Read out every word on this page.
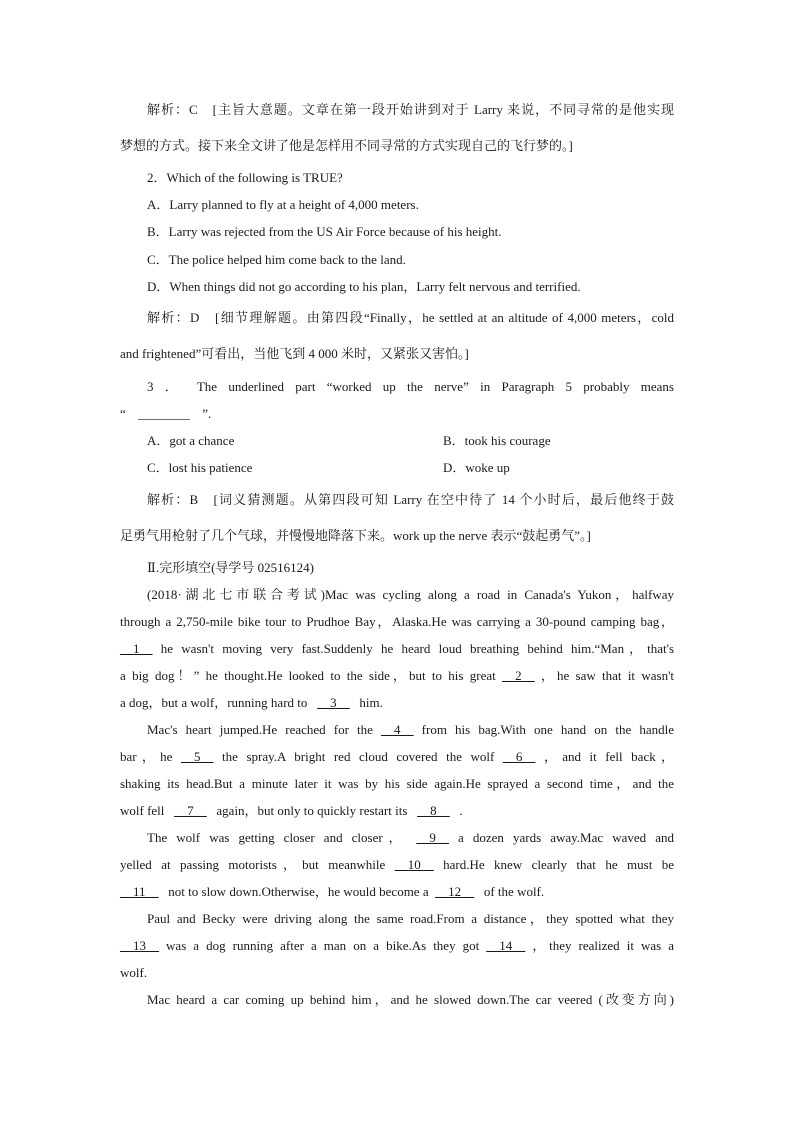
解析：C　[主旨大意题。文章在第一段开始讲到对于 Larry 来说，不同寻常的是他实现
梦想的方式。接下来全文讲了他是怎样用不同寻常的方式实现自己的飞行梦的。]
2．Which of the following is TRUE?
A．Larry planned to fly at a height of 4,000 meters.
B．Larry was rejected from the US Air Force because of his height.
C．The police helped him come back to the land.
D．When things did not go according to his plan，Larry felt nervous and terrified.
解析：D　[细节理解题。由第四段“Finally，he settled at an altitude of 4,000 meters，cold
and frightened”可看出，当他飞到 4 000 米时，又紧张又害怕。]
3 ． The underlined part “worked up the nerve” in Paragraph 5 probably means
“ ________ ”.
A．got a chance	B．took his courage
C．lost his patience	D．woke up
解析：B　[词义猜测题。从第四段可知 Larry 在空中待了 14 个小时后，最后他终于鼓
足勇气用枪射了几个气球，并慢慢地降落下来。work up the nerve 表示“鼓起勇气”。]
Ⅱ.完形填空(导学号 02516124)
(2018·湖北七市联合考试)Mac was cycling along a road in Canada's Yukon，halfway
through a 2,750-mile bike tour to Prudhoe Bay，Alaska.He was carrying a 30-pound camping bag，
__1__ he wasn't moving very fast.Suddenly he heard loud breathing behind him.“Man，that's
a big dog！” he thought.He looked to the side，but to his great __2__ ，he saw that it wasn't
a dog，but a wolf，running hard to __3__ him.
Mac's heart jumped.He reached for the __4__ from his bag.With one hand on the handle
bar，he __5__ the spray.A bright red cloud covered the wolf __6__ ，and it fell back，
shaking its head.But a minute later it was by his side again.He sprayed a second time，and the
wolf fell __7__ again，but only to quickly restart its __8__ .
The wolf was getting closer and closer， __9__ a dozen yards away.Mac waved and
yelled at passing motorists，but meanwhile __10__ hard.He knew clearly that he must be
__11__ not to slow down.Otherwise，he would become a __12__ of the wolf.
Paul and Becky were driving along the same road.From a distance，they spotted what they
__13__ was a dog running after a man on a bike.As they got __14__ ，they realized it was a
wolf.
Mac heard a car coming up behind him，and he slowed down.The car veered (改变方向)
